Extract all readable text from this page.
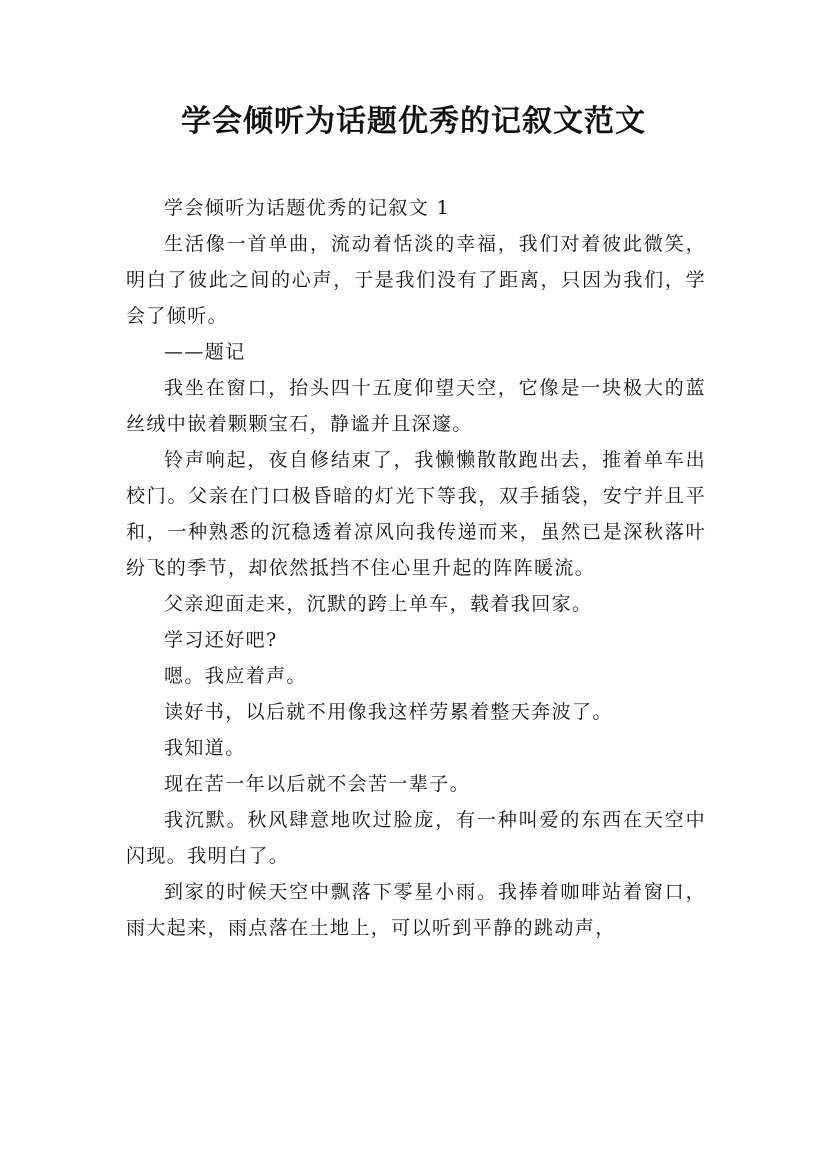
学会倾听为话题优秀的记叙文范文

学会倾听为话题优秀的记叙文 1

生活像一首单曲，流动着恬淡的幸福，我们对着彼此微笑，明白了彼此之间的心声，于是我们没有了距离，只因为我们，学会了倾听。

——题记

我坐在窗口，抬头四十五度仰望天空，它像是一块极大的蓝丝绒中嵌着颗颗宝石，静谧并且深邃。

铃声响起，夜自修结束了，我懒懒散散跑出去，推着单车出校门。父亲在门口极昏暗的灯光下等我，双手插袋，安宁并且平和，一种熟悉的沉稳透着凉风向我传递而来，虽然已是深秋落叶纷飞的季节，却依然抵挡不住心里升起的阵阵暖流。

父亲迎面走来，沉默的跨上单车，载着我回家。

学习还好吧?

嗯。我应着声。

读好书，以后就不用像我这样劳累着整天奔波了。

我知道。

现在苦一年以后就不会苦一辈子。

我沉默。秋风肆意地吹过脸庞，有一种叫爱的东西在天空中闪现。我明白了。

到家的时候天空中飘落下零星小雨。我捧着咖啡站着窗口，雨大起来，雨点落在土地上，可以听到平静的跳动声，
